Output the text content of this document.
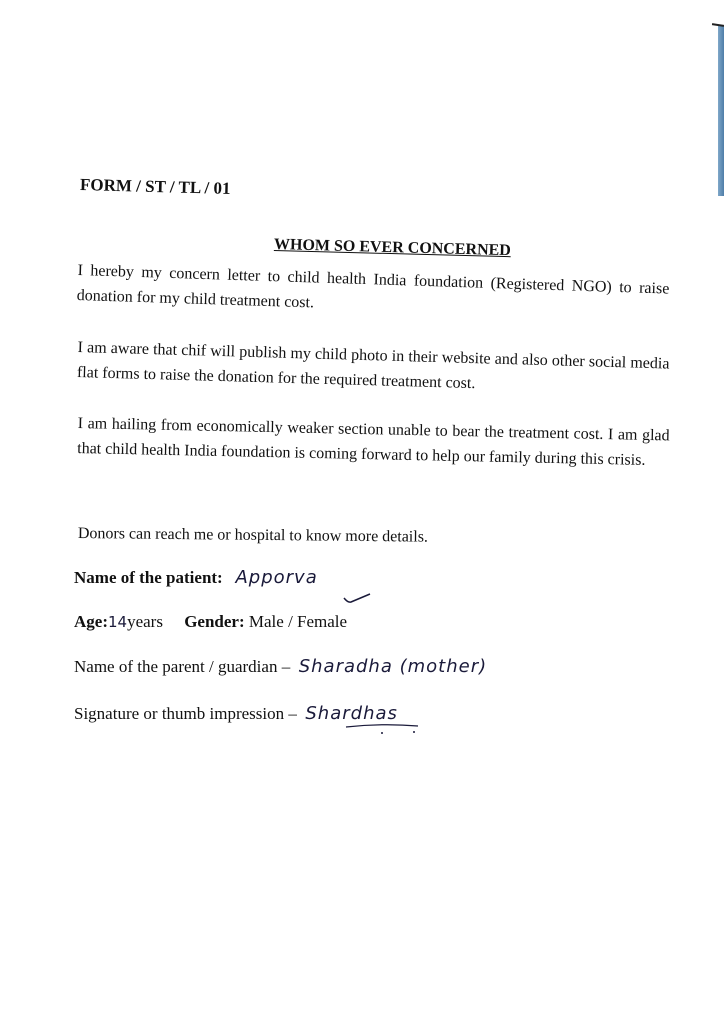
FORM / ST / TL / 01
WHOM SO EVER CONCERNED
I hereby my concern letter to child health India foundation (Registered NGO) to raise donation for my child treatment cost.
I am aware that chif will publish my child photo in their website and also other social media flat forms to raise the donation for the required treatment cost.
I am hailing from economically weaker section unable to bear the treatment cost. I am glad that child health India foundation is coming forward to help our family during this crisis.
Donors can reach me or hospital to know more details.
Name of the patient: Apporva
Age:14years Gender: Male / Female
Name of the parent / guardian – Sharadha (mother)
Signature or thumb impression – Shardhas
